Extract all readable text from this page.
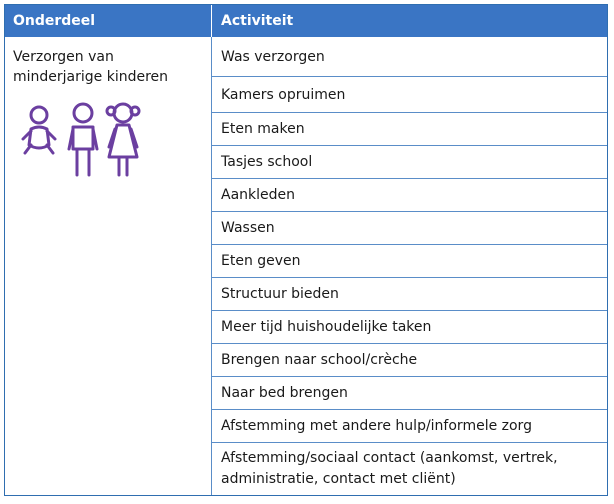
Onderdeel	Activiteit
Verzorgen van minderjarige kinderen
Was verzorgen
Kamers opruimen
Eten maken
Tasjes school
Aankleden
Wassen
Eten geven
Structuur bieden
Meer tijd huishoudelijke taken
Brengen naar school/crèche
Naar bed brengen
Afstemming met andere hulp/informele zorg
Afstemming/sociaal contact (aankomst, vertrek, administratie, contact met cliënt)
